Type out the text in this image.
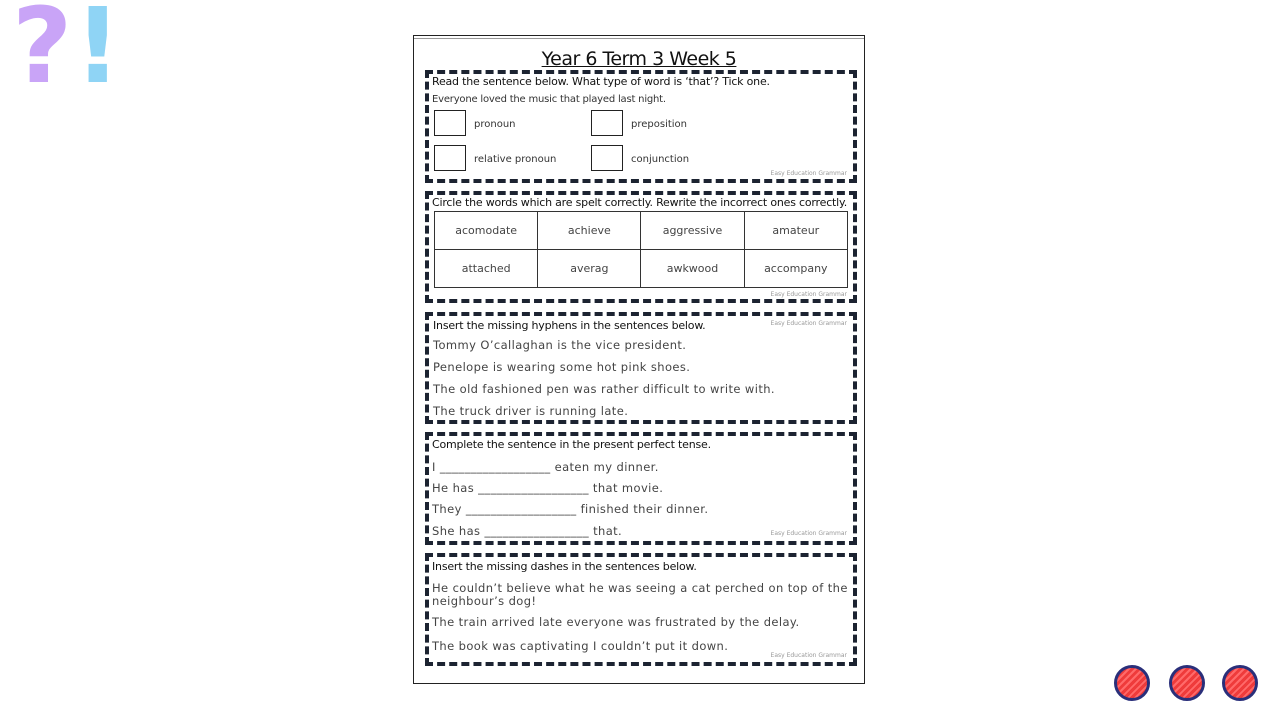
? !	Year 6 Term 3 Week 5
Read the sentence below. What type of word is ‘that’? Tick one.
Everyone loved the music that played last night.
pronoun	preposition
relative pronoun	conjunction
Easy Education Grammar
Circle the words which are spelt correctly. Rewrite the incorrect ones correctly.
acomodate	achieve	aggressive	amateur
attached	averag	awkwood	accompany
Easy Education Grammar
Insert the missing hyphens in the sentences below.	Easy Education Grammar
Tommy O’callaghan is the vice president.
Penelope is wearing some hot pink shoes.
The old fashioned pen was rather difficult to write with.
The truck driver is running late.
Complete the sentence in the present perfect tense.
I __________________ eaten my dinner.
He has __________________ that movie.
They __________________ finished their dinner.
She has _________________ that.	Easy Education Grammar
Insert the missing dashes in the sentences below.
He couldn’t believe what he was seeing a cat perched on top of the
neighbour’s dog!
The train arrived late everyone was frustrated by the delay.
The book was captivating I couldn’t put it down.
Easy Education Grammar
